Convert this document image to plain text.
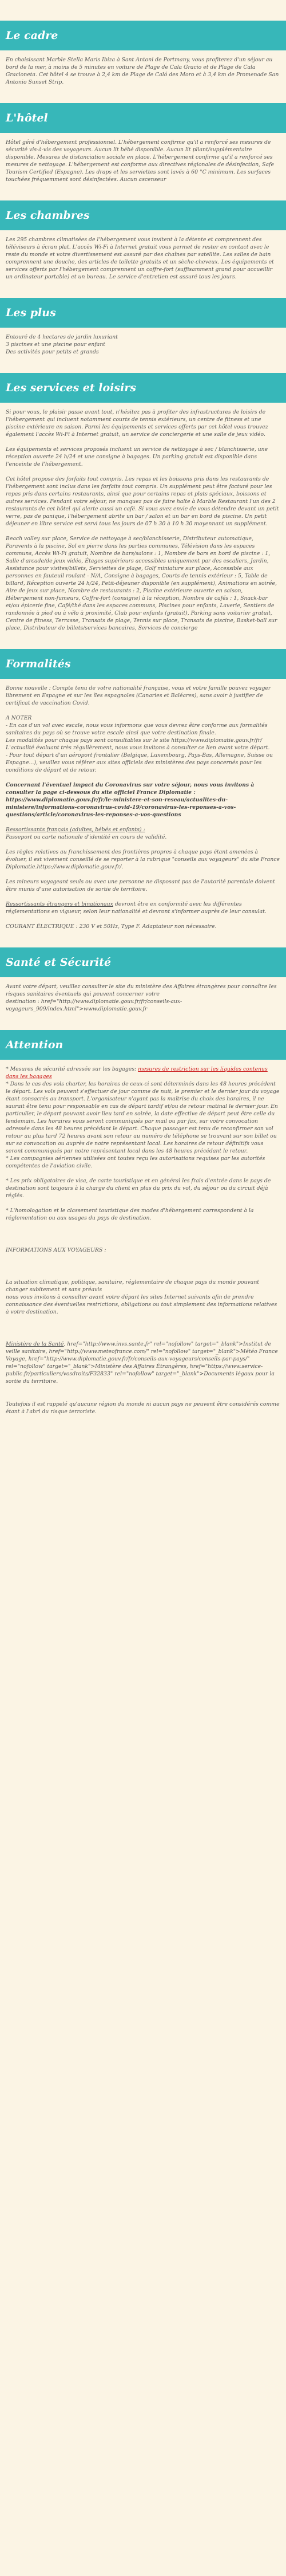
Le cadre

En choisissant Marble Stella Maris Ibiza à Sant Antoni de Portmany, vous profiterez d'un séjour au bord de la mer, à moins de 5 minutes en voiture de Plage de Cala Gracio et de Plage de Cala Gracioneta. Cet hôtel 4 se trouve à 2,4 km de Plage de Caló des Moro et à 3,4 km de Promenade San Antonio Sunset Strip.

L'hôtel

Hôtel géré d'hébergement professionnel. L'hébergement confirme qu'il a renforcé ses mesures de sécurité vis-à-vis des voyageurs. Aucun lit bébé disponible. Aucun lit pliant/supplémentaire disponible. Mesures de distanciation sociale en place. L'hébergement confirme qu'il a renforcé ses mesures de nettoyage. L'hébergement est conforme aux directives régionales de désinfection, Safe Tourism Certified (Espagne). Les draps et les serviettes sont lavés à 60 °C minimum. Les surfaces touchées fréquemment sont désinfectées. Aucun ascenseur

Les chambres

Les 295 chambres climatisées de l'hébergement vous invitent à la détente et comprennent des téléviseurs à écran plat. L'accès Wi-Fi à Internet gratuit vous permet de rester en contact avec le reste du monde et votre divertissement est assuré par des chaînes par satellite. Les salles de bain comprennent une douche, des articles de toilette gratuits et un sèche-cheveux. Les équipements et services offerts par l'hébergement comprennent un coffre-fort (suffisamment grand pour accueillir un ordinateur portable) et un bureau. Le service d'entretien est assuré tous les jours.

Les plus

Entouré de 4 hectares de jardin luxuriant
3 piscines et une piscine pour enfant
Des activités pour petits et grands

Les services et loisirs

Si pour vous, le plaisir passe avant tout, n'hésitez pas à profiter des infrastructures de loisirs de l'hébergement qui incluent notamment courts de tennis extérieurs, un centre de fitness et une piscine extérieure en saison. Parmi les équipements et services offerts par cet hôtel vous trouvez également l'accès Wi-Fi à Internet gratuit, un service de conciergerie et une salle de jeux vidéo.

Les équipements et services proposés incluent un service de nettoyage à sec / blanchisserie, une réception ouverte 24 h/24 et une consigne à bagages. Un parking gratuit est disponible dans l'enceinte de l'hébergement.

Cet hôtel propose des forfaits tout compris. Les repas et les boissons pris dans les restaurants de l'hébergement sont inclus dans les forfaits tout compris. Un supplément peut être facturé pour les repas pris dans certains restaurants, ainsi que pour certains repas et plats spéciaux, boissons et autres services. Pendant votre séjour, ne manquez pas de faire halte à Marble Restaurant l'un des 2 restaurants de cet hôtel qui alerte aussi un café. Si vous avez envie de vous détendre devant un petit verre, pas de panique, l'hébergement abrite un bar / salon et un bar en bord de piscine. Un petit déjeuner en libre service est servi tous les jours de 07 h 30 à 10 h 30 moyennant un supplément.

Beach volley sur place, Service de nettoyage à sec/blanchisserie, Distributeur automatique, Paravents à la piscine, Sol en pierre dans les parties communes, Télévision dans les espaces communs, Accès Wi-Fi gratuit, Nombre de bars/salons : 1, Nombre de bars en bord de piscine : 1, Salle d'arcade/de jeux vidéo, Étages supérieurs accessibles uniquement par des escaliers, Jardin, Assistance pour visites/billets, Serviettes de plage, Golf miniature sur place, Accessible aux personnes en fauteuil roulant - N/A, Consigne à bagages, Courts de tennis extérieur : 5, Table de billard, Réception ouverte 24 h/24, Petit-déjeuner disponible (en supplément), Animations en soirée, Aire de jeux sur place, Nombre de restaurants : 2, Piscine extérieure ouverte en saison, Hébergement non-fumeurs, Coffre-fort (consigne) à la réception, Nombre de cafés : 1, Snack-bar et/ou épicerie fine, Café/thé dans les espaces communs, Piscines pour enfants, Laverie, Sentiers de randonnée à pied ou à vélo à proximité, Club pour enfants (gratuit), Parking sans voiturier gratuit, Centre de fitness, Terrasse, Transats de plage, Tennis sur place, Transats de piscine, Basket-ball sur place, Distributeur de billets/services bancaires, Services de concierge

Formalités

Bonne nouvelle : Compte tenu de votre nationalité française, vous et votre famille pouvez voyager librement en Espagne et sur les îles espagnoles (Canaries et Baléares), sans avoir à justifier de certificat de vaccination Covid.

A NOTER
- En cas d'un vol avec escale, nous vous informons que vous devrez être conforme aux formalités sanitaires du pays où se trouve votre escale ainsi que votre destination finale.
Les modalités pour chaque pays sont consultables sur le site https://www.diplomatie.gouv.fr/fr/ L'actualité évoluant très régulièrement, nous vous invitons à consulter ce lien avant votre départ.
- Pour tout départ d'un aéroport frontalier (Belgique, Luxembourg, Pays-Bas, Allemagne, Suisse ou Espagne...), veuillez vous référer aux sites officiels des ministères des pays concernés pour les conditions de départ et de retour.

Concernant l'éventuel impact du Coronavirus sur votre séjour, nous vous invitons à consulter la page ci-dessous du site officiel France Diplomatie : https://www.diplomatie.gouv.fr/fr/le-ministere-et-son-reseau/actualites-du-ministere/informations-coronavirus-covid-19/coronavirus-les-reponses-a-vos-questions/article/coronavirus-les-reponses-a-vos-questions

Ressortissants français (adultes, bébés et enfants) :
Passeport ou carte nationale d'identité en cours de validité.

Les règles relatives au franchissement des frontières propres à chaque pays étant amenées à évoluer, il est vivement conseillé de se reporter à la rubrique "conseils aux voyageurs" du site France Diplomatie.https://www.diplomatie.gouv.fr/.

Les mineurs voyageant seuls ou avec une personne ne disposant pas de l'autorité parentale doivent être munis d'une autorisation de sortie de territoire.

Ressortissants étrangers et binationaux devront être en conformité avec les différentes réglementations en vigueur, selon leur nationalité et devront s'informer auprès de leur consulat.

COURANT ÉLECTRIQUE : 230 V et 50Hz, Type F. Adaptateur non nécessaire.

Santé et Sécurité

Avant votre départ, veuillez consulter le site du ministère des Affaires étrangères pour connaître les risques sanitaires éventuels qui peuvent concerner votre
destination : href="http://www.diplomatie.gouv.fr/fr/conseils-aux-voyageurs_909/index.html">www.diplomatie.gouv.fr

Attention

* Mesures de sécurité adressée sur les bagages: mesures de restriction sur les liquides contenus dans les bagages
* Dans le cas des vols charter, les horaires de ceux-ci sont déterminés dans les 48 heures précédent le départ. Les vols peuvent s'effectuer de jour comme de nuit, le premier et le dernier jour du voyage étant consacrés au transport. L'organisateur n'ayant pas la maîtrise du choix des horaires, il ne saurait être tenu pour responsable en cas de départ tardif et/ou de retour matinal le dernier jour. En particulier, le départ pouvant avoir lieu tard en soirée, la date effective de départ peut être celle du lendemain. Les horaires vous seront communiqués par mail ou par fax, sur votre convocation adressée dans les 48 heures précédant le départ. Chaque passager est tenu de reconfirmer son vol retour au plus tard 72 heures avant son retour au numéro de téléphone se trouvant sur son billet ou sur sa convocation ou auprès de notre représentant local. Les horaires de retour définitifs vous seront communiqués par notre représentant local dans les 48 heures précédant le retour.
* Les compagnies aériennes utilisées ont toutes reçu les autorisations requises par les autorités compétentes de l'aviation civile.

* Les prix obligatoires de visa, de carte touristique et en général les frais d'entrée dans le pays de destination sont toujours à la charge du client en plus du prix du vol, du séjour ou du circuit déjà réglés.

* L'homologation et le classement touristique des modes d'hébergement correspondent à la réglementation ou aux usages du pays de destination.

INFORMATIONS AUX VOYAGEURS :

La situation climatique, politique, sanitaire, réglementaire de chaque pays du monde pouvant changer subitement et sans préavis
nous vous invitons à consulter avant votre départ les sites Internet suivants afin de prendre connaissance des éventuelles restrictions, obligations ou tout simplement des informations relatives à votre destination.

Ministère de la Santé, href="http://www.invs.sante.fr" rel="nofollow" target="_blank">Institut de veille sanitaire, href="http://www.meteofrance.com/" rel="nofollow" target="_blank">Météo France Voyage, href="http://www.diplomatie.gouv.fr/fr/conseils-aux-voyageurs/conseils-par-pays/" rel="nofollow" target="_blank">Ministère des Affaires Étrangères, href="https://www.service-public.fr/particuliers/vosdroits/F32833" rel="nofollow" target="_blank">Documents légaux pour la sortie du territoire.

Toutefois il est rappelé qu'aucune région du monde ni aucun pays ne peuvent être considérés comme étant à l'abri du risque terroriste.
